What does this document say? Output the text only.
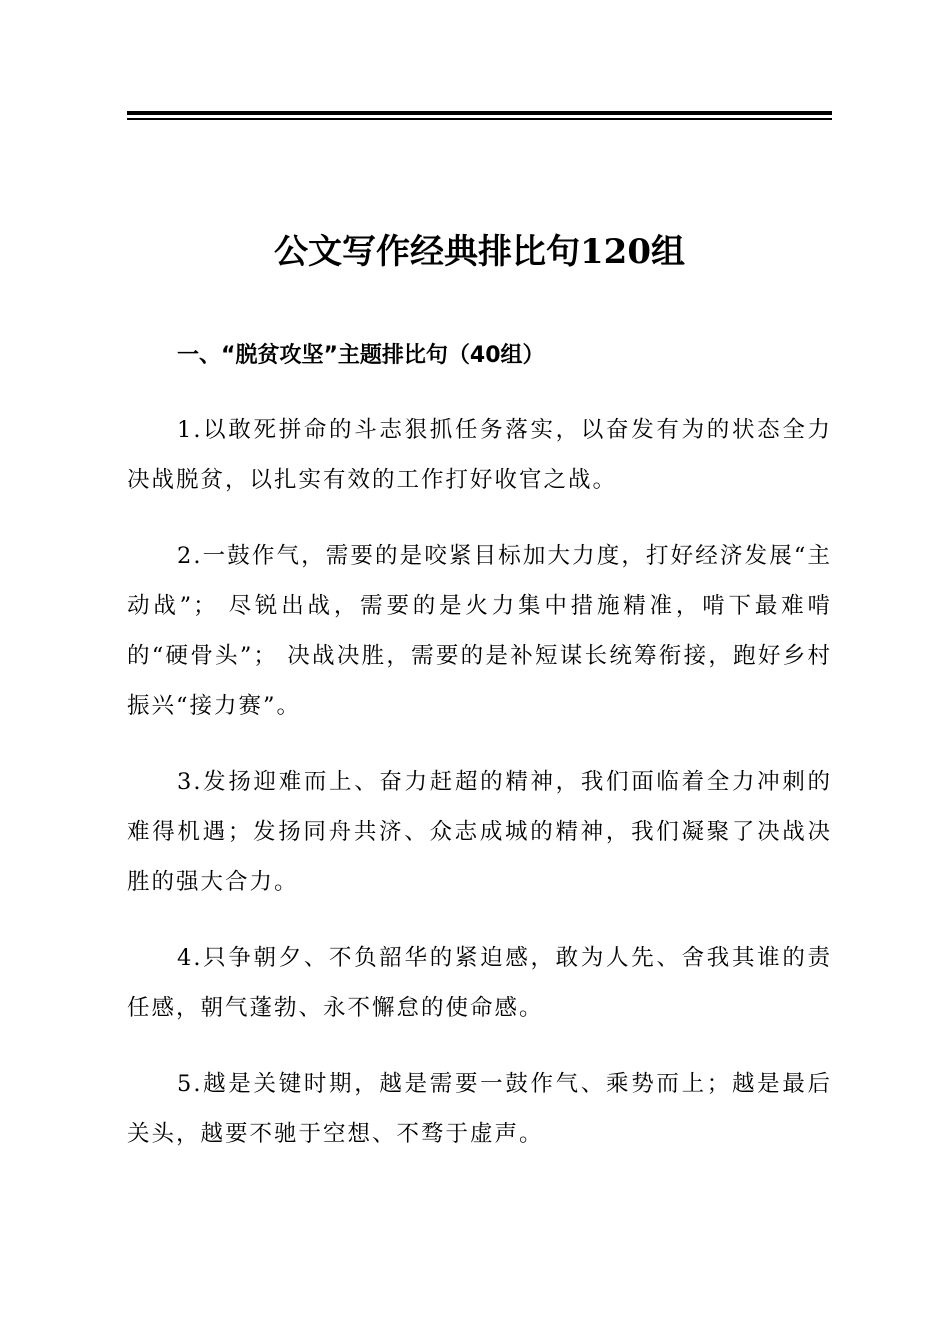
公文写作经典排比句120组
一、“脱贫攻坚”主题排比句（40组）

1.以敢死拼命的斗志狠抓任务落实，以奋发有为的状态全力决战脱贫，以扎实有效的工作打好收官之战。

2.一鼓作气，需要的是咬紧目标加大力度，打好经济发展“主动战”； 尽锐出战，需要的是火力集中措施精准，啃下最难啃的“硬骨头”； 决战决胜，需要的是补短谋长统筹衔接，跑好乡村振兴“接力赛”。

3.发扬迎难而上、奋力赶超的精神，我们面临着全力冲刺的难得机遇；发扬同舟共济、众志成城的精神，我们凝聚了决战决胜的强大合力。

4.只争朝夕、不负韶华的紧迫感，敢为人先、舍我其谁的责任感，朝气蓬勃、永不懈怠的使命感。

5.越是关键时期，越是需要一鼓作气、乘势而上；越是最后关头，越要不驰于空想、不骛于虚声。
